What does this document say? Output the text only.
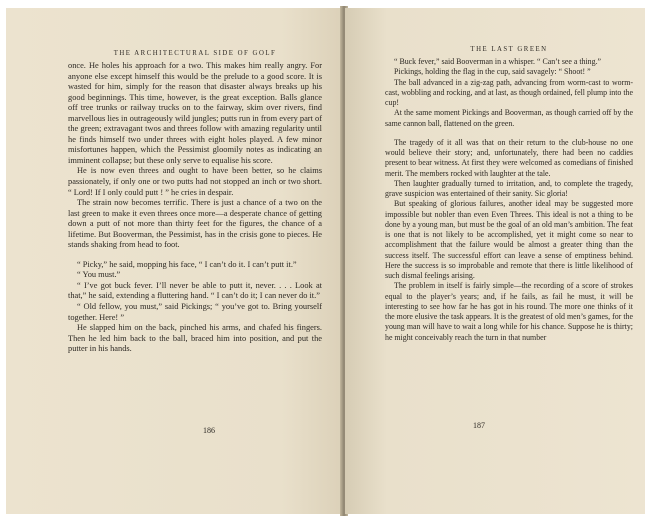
THE ARCHITECTURAL SIDE OF GOLF

once. He holes his approach for a two. This makes him really angry. For anyone else except himself this would be the prelude to a good score. It is wasted for him, simply for the reason that disaster always breaks up his good beginnings. This time, however, is the great exception. Balls glance off tree trunks or railway trucks on to the fairway, skim over rivers, find marvellous lies in outrageously wild jungles; putts run in from every part of the green; extravagant twos and threes follow with amazing regularity until he finds himself two under threes with eight holes played. A few minor misfortunes happen, which the Pessimist gloomily notes as indicating an imminent collapse; but these only serve to equalise his score.

He is now even threes and ought to have been better, so he claims passionately, if only one or two putts had not stopped an inch or two short. “ Lord! If I only could putt ! ” he cries in despair.

The strain now becomes terrific. There is just a chance of a two on the last green to make it even threes once more—a desperate chance of getting down a putt of not more than thirty feet for the figures, the chance of a lifetime. But Booverman, the Pessimist, has in the crisis gone to pieces. He stands shaking from head to foot.

“ Picky,” he said, mopping his face, “ I can’t do it. I can’t putt it.”

“ You must.”

“ I’ve got buck fever. I’ll never be able to putt it, never. . . . Look at that,” he said, extending a fluttering hand. “ I can’t do it; I can never do it.”

“ Old fellow, you must,” said Pickings; “ you’ve got to. Bring yourself together. Here! ”

He slapped him on the back, pinched his arms, and chafed his fingers. Then he led him back to the ball, braced him into position, and put the putter in his hands.

186
THE LAST GREEN

“ Buck fever,” said Booverman in a whisper. “ Can’t see a thing.”

Pickings, holding the flag in the cup, said savagely: “ Shoot! ”

The ball advanced in a zig-zag path, advancing from worm-cast to worm-cast, wobbling and rocking, and at last, as though ordained, fell plump into the cup!

At the same moment Pickings and Booverman, as though carried off by the same cannon ball, flattened on the green.

The tragedy of it all was that on their return to the club-house no one would believe their story; and, unfortunately, there had been no caddies present to bear witness. At first they were welcomed as comedians of finished merit. The members rocked with laughter at the tale.

Then laughter gradually turned to irritation, and, to complete the tragedy, grave suspicion was entertained of their sanity. Sic gloria!

But speaking of glorious failures, another ideal may be suggested more impossible but nobler than even Even Threes. This ideal is not a thing to be done by a young man, but must be the goal of an old man’s ambition. The feat is one that is not likely to be accomplished, yet it might come so near to accomplishment that the failure would be almost a greater thing than the success itself. The successful effort can leave a sense of emptiness behind. Here the success is so improbable and remote that there is little likelihood of such dismal feelings arising.

The problem in itself is fairly simple—the recording of a score of strokes equal to the player’s years; and, if he fails, as fail he must, it will be interesting to see how far he has got in his round. The more one thinks of it the more elusive the task appears. It is the greatest of old men’s games, for the young man will have to wait a long while for his chance. Suppose he is thirty; he might conceivably reach the turn in that number

187
